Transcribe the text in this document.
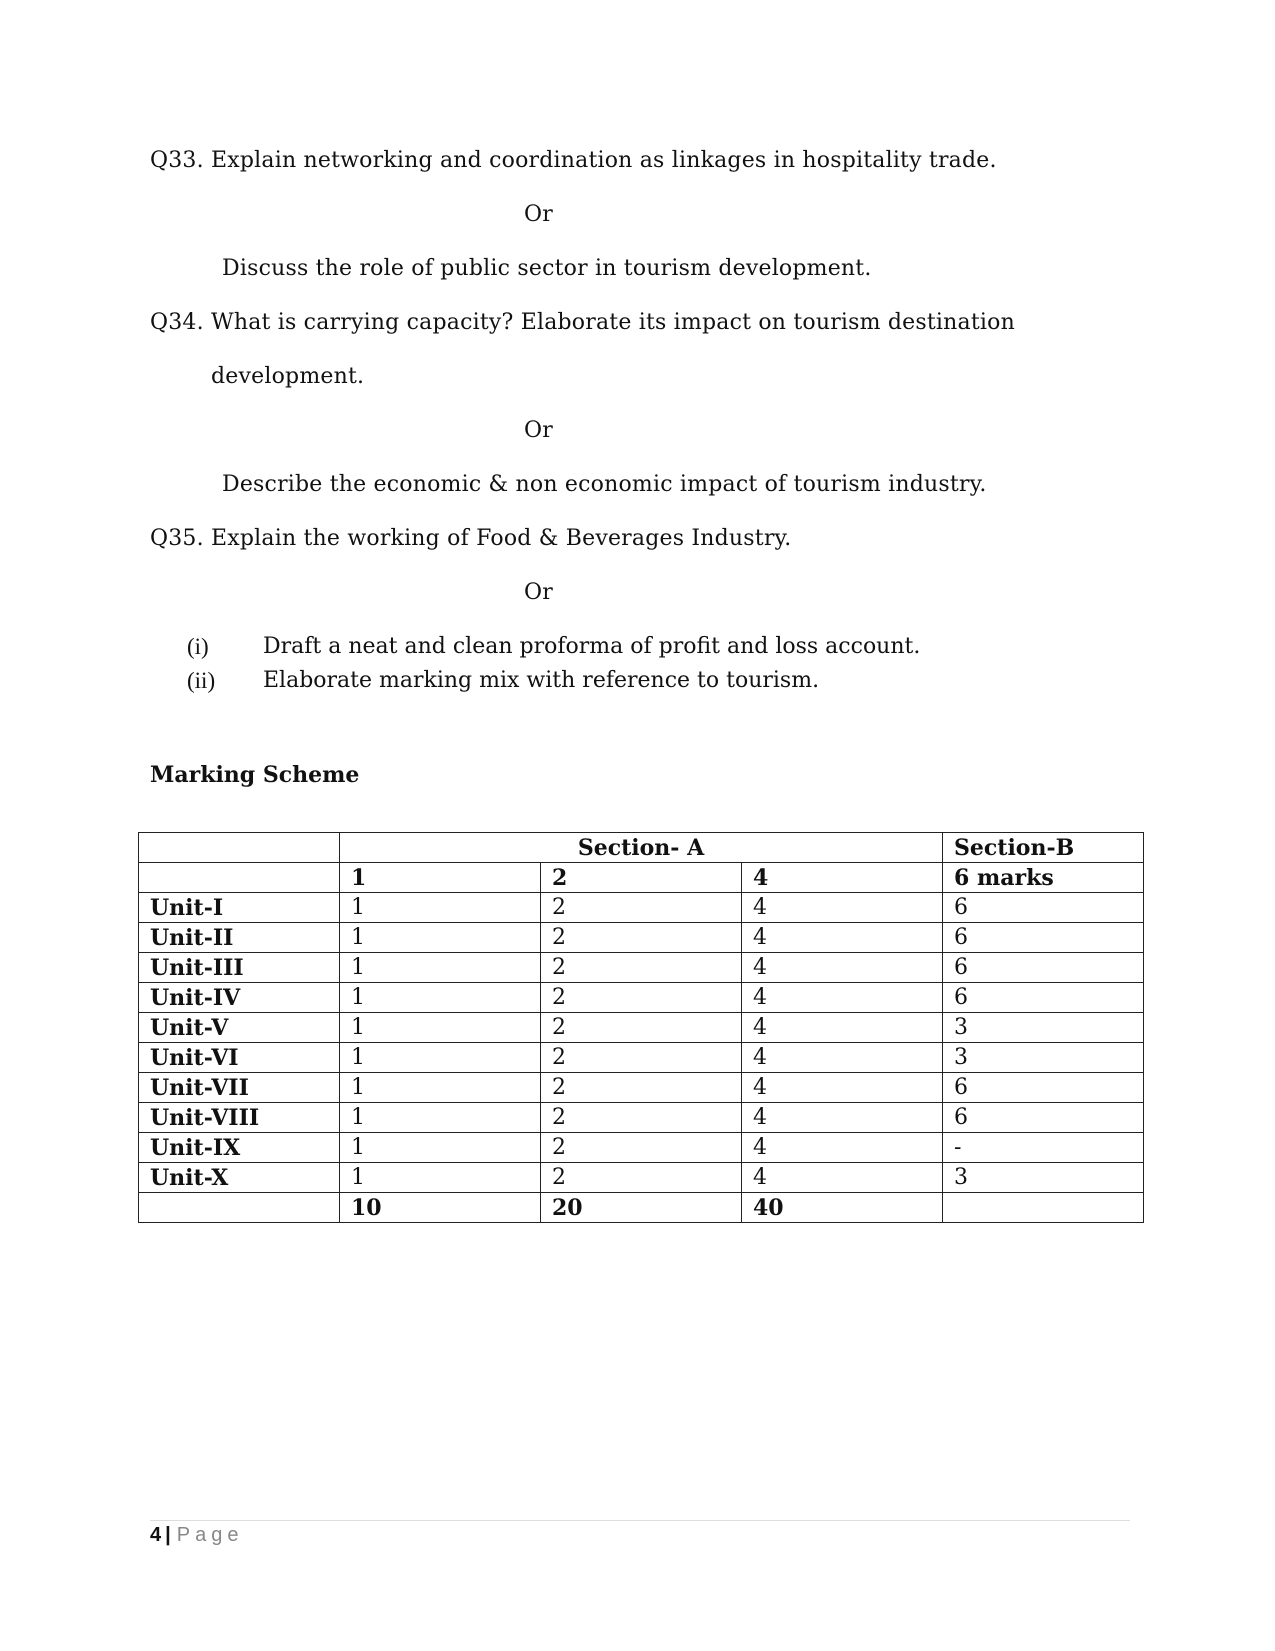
Q33. Explain networking and coordination as linkages in hospitality trade.
Or
Discuss the role of public sector in tourism development.
Q34. What is carrying capacity? Elaborate its impact on tourism destination
development.
Or
Describe the economic & non economic impact of tourism industry.
Q35. Explain the working of Food & Beverages Industry.
Or
(i) Draft a neat and clean proforma of profit and loss account.
(ii) Elaborate marking mix with reference to tourism.
Marking Scheme
	Section- A			Section-B
	1	2	4	6 marks
Unit-I	1	2	4	6
Unit-II	1	2	4	6
Unit-III	1	2	4	6
Unit-IV	1	2	4	6
Unit-V	1	2	4	3
Unit-VI	1	2	4	3
Unit-VII	1	2	4	6
Unit-VIII	1	2	4	6
Unit-IX	1	2	4	-
Unit-X	1	2	4	3
	10	20	40	
4 | Page
